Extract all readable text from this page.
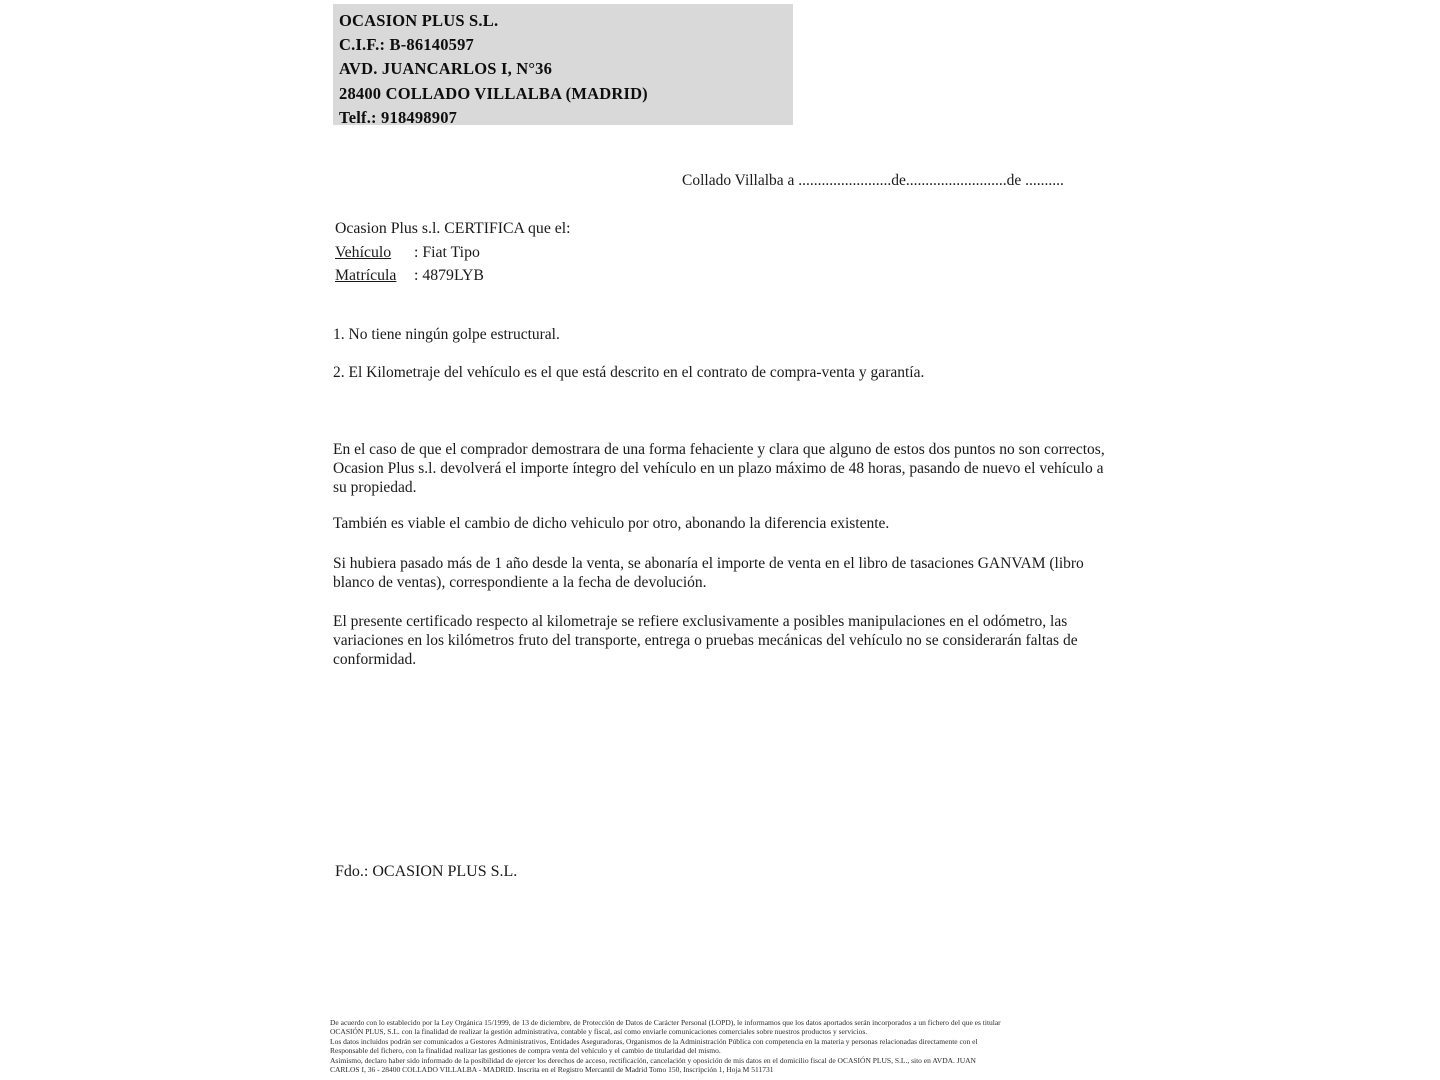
OCASION PLUS S.L.
C.I.F.: B-86140597
AVD. JUANCARLOS I, N°36
28400 COLLADO VILLALBA (MADRID)
Telf.: 918498907
Collado Villalba a ........................de..........................de ..........
Ocasion Plus s.l. CERTIFICA que el:
Vehículo : Fiat Tipo
Matrícula : 4879LYB
1. No tiene ningún golpe estructural.
2. El Kilometraje del vehículo es el que está descrito en el contrato de compra-venta y garantía.
En el caso de que el comprador demostrara de una forma fehaciente y clara que alguno de estos dos puntos no son correctos, Ocasion Plus s.l. devolverá el importe íntegro del vehículo en un plazo máximo de 48 horas, pasando de nuevo el vehículo a su propiedad.
También es viable el cambio de dicho vehiculo por otro, abonando la diferencia existente.
Si hubiera pasado más de 1 año desde la venta, se abonaría el importe de venta en el libro de tasaciones GANVAM (libro blanco de ventas), correspondiente a la fecha de devolución.
El presente certificado respecto al kilometraje se refiere exclusivamente a posibles manipulaciones en el odómetro, las variaciones en los kilómetros fruto del transporte, entrega o pruebas mecánicas del vehículo no se considerarán faltas de conformidad.
Fdo.: OCASION PLUS S.L.
De acuerdo con lo establecido por la Ley Orgánica 15/1999, de 13 de diciembre, de Protección de Datos de Carácter Personal (LOPD), le informamos que los datos aportados serán incorporados a un fichero del que es titular
OCASIÓN PLUS, S.L. con la finalidad de realizar la gestión administrativa, contable y fiscal, así como enviarle comunicaciones comerciales sobre nuestros productos y servicios.
Los datos incluidos podrán ser comunicados a Gestores Administrativos, Entidades Aseguradoras, Organismos de la Administración Pública con competencia en la materia y personas relacionadas directamente con el
Responsable del fichero, con la finalidad realizar las gestiones de compra venta del vehículo y el cambio de titularidad del mismo.
Asimismo, declaro haber sido informado de la posibilidad de ejercer los derechos de acceso, rectificación, cancelación y oposición de mis datos en el domicilio fiscal de OCASIÓN PLUS, S.L., sito en AVDA. JUAN
CARLOS I, 36 - 28400 COLLADO VILLALBA - MADRID. Inscrita en el Registro Mercantil de Madrid Tomo 150, Inscripción 1, Hoja M 511731
